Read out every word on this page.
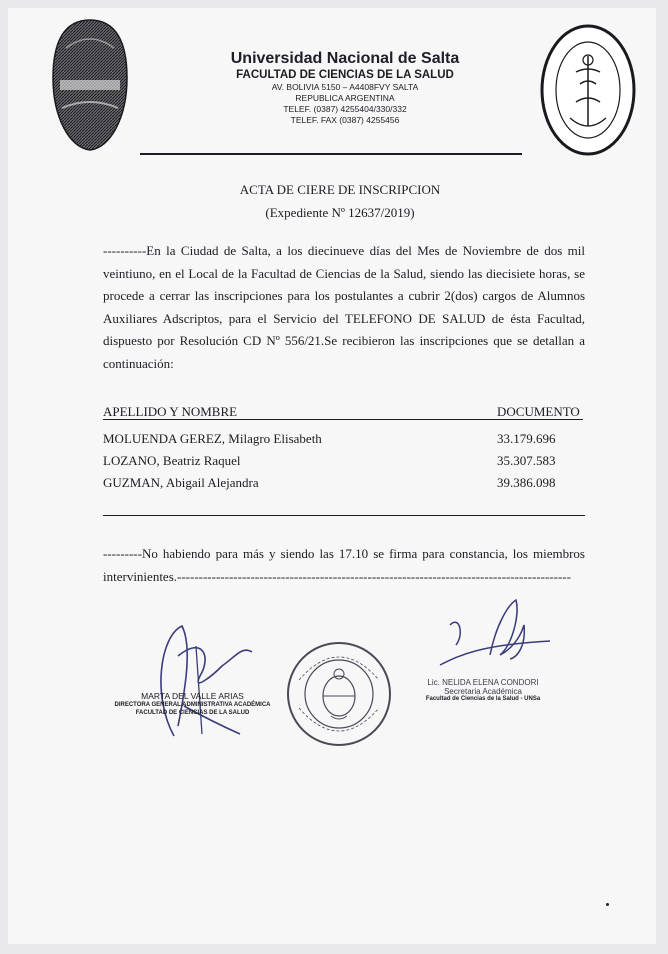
Universidad Nacional de Salta
FACULTAD DE CIENCIAS DE LA SALUD
AV. BOLIVIA 5150 – A4408FVY SALTA
REPUBLICA ARGENTINA
TELEF. (0387) 4255404/330/332
TELEF. FAX (0387) 4255456
ACTA DE CIERE DE INSCRIPCION
(Expediente Nº 12637/2019)
----------En la Ciudad de Salta, a los diecinueve días del Mes de Noviembre de dos mil veintiuno, en el Local de la Facultad de Ciencias de la Salud, siendo las diecisiete horas, se procede a cerrar las inscripciones para los postulantes a cubrir 2(dos) cargos de Alumnos Auxiliares Adscriptos, para el Servicio del TELEFONO DE SALUD de ésta Facultad, dispuesto por Resolución CD Nº 556/21.Se recibieron las inscripciones que se detallan a continuación:
APELLIDO Y NOMBRE	DOCUMENTO
MOLUENDA GEREZ, Milagro Elisabeth	33.179.696
LOZANO, Beatriz Raquel	35.307.583
GUZMAN, Abigail Alejandra	39.386.098
---------No habiendo para más y siendo las 17.10 se firma para constancia, los miembros intervinientes.-------------------------------------------------------------------------------------------
MARTA DEL VALLE ARIAS
DIRECTORA GENERAL ADMINISTRATIVA ACADÉMICA
FACULTAD DE CIENCIAS DE LA SALUD
Lic. NELIDA ELENA CONDORI
Secretaria Académica
Facultad de Ciencias de la Salud - UNSa
